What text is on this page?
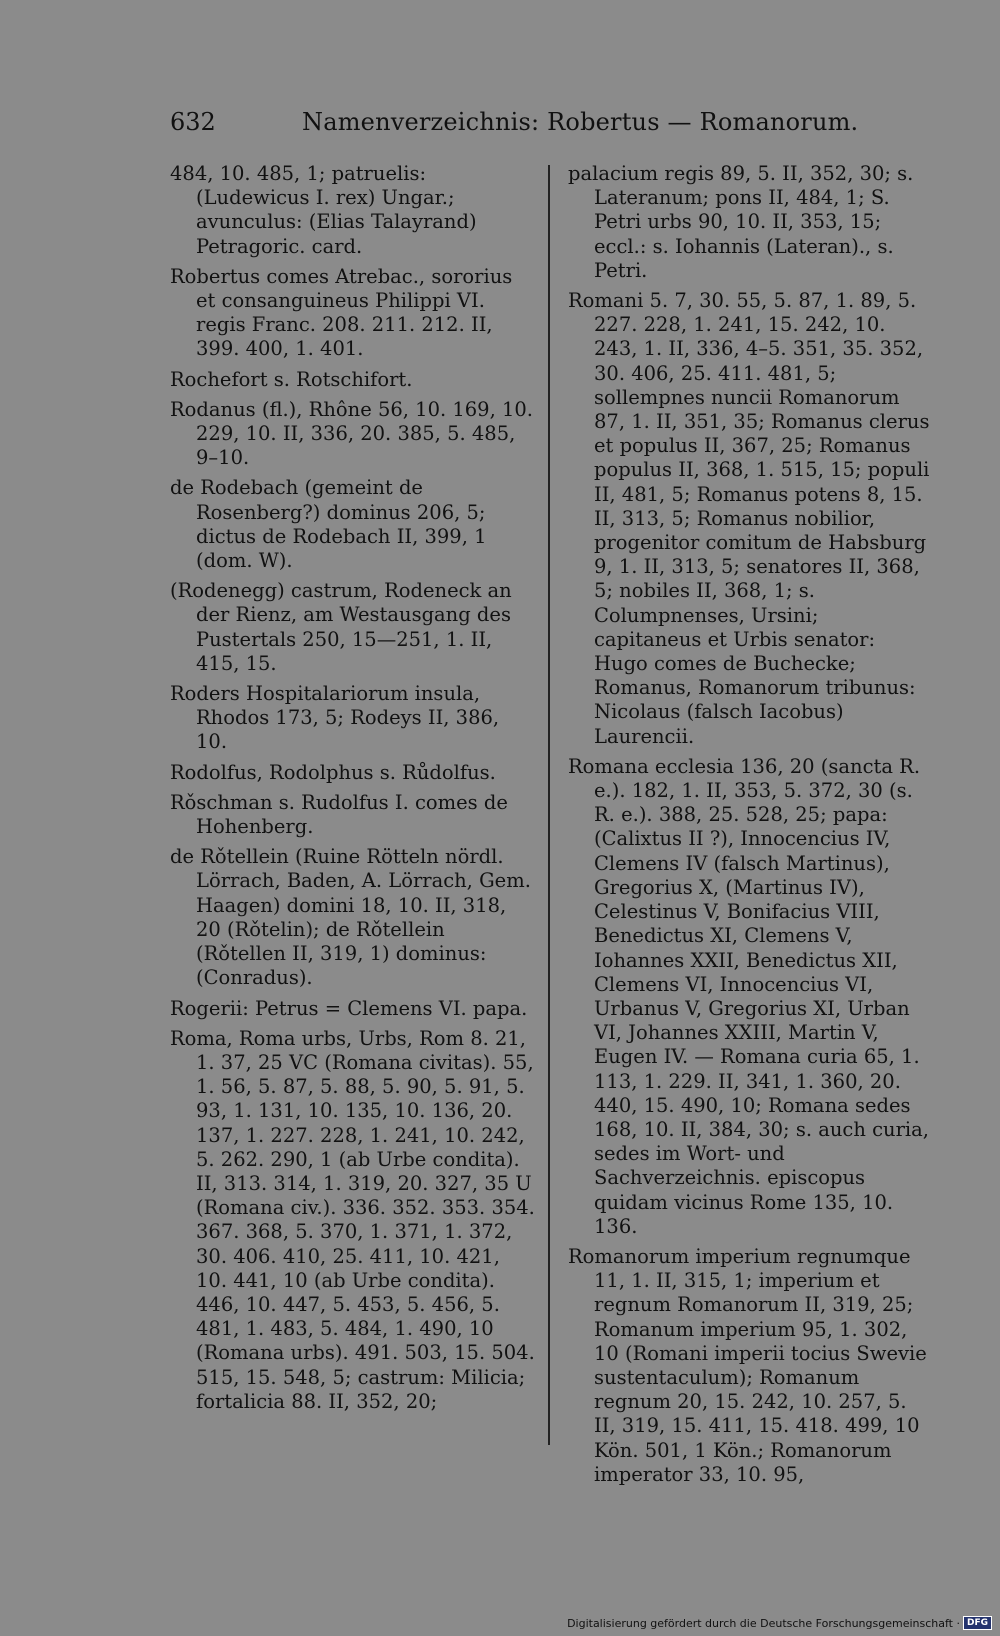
632	Namenverzeichnis: Robertus — Romanorum.
484, 10. 485, 1; patruelis: (Ludewicus I. rex) Ungar.; avunculus: (Elias Talayrand) Petragoric. card.
Robertus comes Atrebac., sororius et consanguineus Philippi VI. regis Franc. 208. 211. 212. II, 399. 400, 1. 401.
Rochefort s. Rotschifort.
Rodanus (fl.), Rhône 56, 10. 169, 10. 229, 10. II, 336, 20. 385, 5. 485, 9–10.
de Rodebach (gemeint de Rosenberg?) dominus 206, 5; dictus de Rodebach II, 399, 1 (dom. W).
(Rodenegg) castrum, Rodeneck an der Rienz, am Westausgang des Pustertals 250, 15—251, 1. II, 415, 15.
Roders Hospitalariorum insula, Rhodos 173, 5; Rodeys II, 386, 10.
Rodolfus, Rodolphus s. Růdolfus.
Rǒschman s. Rudolfus I. comes de Hohenberg.
de Rǒtellein (Ruine Rötteln nördl. Lörrach, Baden, A. Lörrach, Gem. Haagen) domini 18, 10. II, 318, 20 (Rǒtelin); de Rǒtellein (Rǒtellen II, 319, 1) dominus: (Conradus).
Rogerii: Petrus = Clemens VI. papa.
Roma, Roma urbs, Urbs, Rom 8. 21, 1. 37, 25 VC (Romana civitas). 55, 1. 56, 5. 87, 5. 88, 5. 90, 5. 91, 5. 93, 1. 131, 10. 135, 10. 136, 20. 137, 1. 227. 228, 1. 241, 10. 242, 5. 262. 290, 1 (ab Urbe condita). II, 313. 314, 1. 319, 20. 327, 35 U (Romana civ.). 336. 352. 353. 354. 367. 368, 5. 370, 1. 371, 1. 372, 30. 406. 410, 25. 411, 10. 421, 10. 441, 10 (ab Urbe condita). 446, 10. 447, 5. 453, 5. 456, 5. 481, 1. 483, 5. 484, 1. 490, 10 (Romana urbs). 491. 503, 15. 504. 515, 15. 548, 5; castrum: Milicia; fortalicia 88. II, 352, 20;
palacium regis 89, 5. II, 352, 30; s. Lateranum; pons II, 484, 1; S. Petri urbs 90, 10. II, 353, 15; eccl.: s. Iohannis (Lateran)., s. Petri.
Romani 5. 7, 30. 55, 5. 87, 1. 89, 5. 227. 228, 1. 241, 15. 242, 10. 243, 1. II, 336, 4–5. 351, 35. 352, 30. 406, 25. 411. 481, 5; sollempnes nuncii Romanorum 87, 1. II, 351, 35; Romanus clerus et populus II, 367, 25; Romanus populus II, 368, 1. 515, 15; populi II, 481, 5; Romanus potens 8, 15. II, 313, 5; Romanus nobilior, progenitor comitum de Habsburg 9, 1. II, 313, 5; senatores II, 368, 5; nobiles II, 368, 1; s. Columpnenses, Ursini; capitaneus et Urbis senator: Hugo comes de Buchecke; Romanus, Romanorum tribunus: Nicolaus (falsch Iacobus) Laurencii.
Romana ecclesia 136, 20 (sancta R. e.). 182, 1. II, 353, 5. 372, 30 (s. R. e.). 388, 25. 528, 25; papa: (Calixtus II ?), Innocencius IV, Clemens IV (falsch Martinus), Gregorius X, (Martinus IV), Celestinus V, Bonifacius VIII, Benedictus XI, Clemens V, Iohannes XXII, Benedictus XII, Clemens VI, Innocencius VI, Urbanus V, Gregorius XI, Urban VI, Johannes XXIII, Martin V, Eugen IV. — Romana curia 65, 1. 113, 1. 229. II, 341, 1. 360, 20. 440, 15. 490, 10; Romana sedes 168, 10. II, 384, 30; s. auch curia, sedes im Wort- und Sachverzeichnis. episcopus quidam vicinus Rome 135, 10. 136.
Romanorum imperium regnumque 11, 1. II, 315, 1; imperium et regnum Romanorum II, 319, 25; Romanum imperium 95, 1. 302, 10 (Romani imperii tocius Swevie sustentaculum); Romanum regnum 20, 15. 242, 10. 257, 5. II, 319, 15. 411, 15. 418. 499, 10 Kön. 501, 1 Kön.; Romanorum imperator 33, 10. 95,
Digitalisierung gefördert durch die Deutsche Forschungsgemeinschaft · DFG
